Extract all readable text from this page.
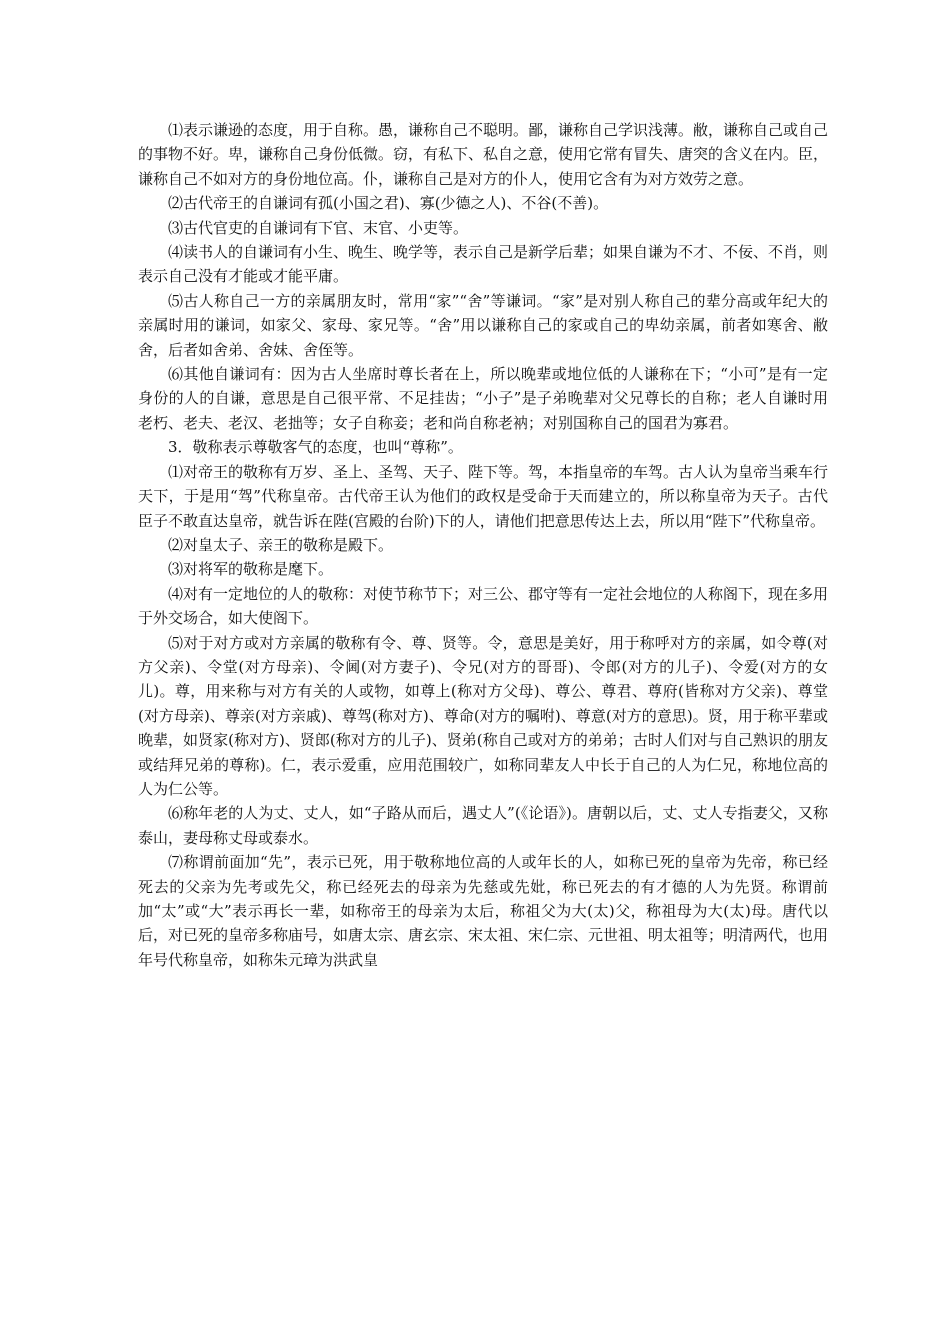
⑴表示谦逊的态度，用于自称。愚，谦称自己不聪明。鄙，谦称自己学识浅薄。敝，谦称自己或自己的事物不好。卑，谦称自己身份低微。窃，有私下、私自之意，使用它常有冒失、唐突的含义在内。臣，谦称自己不如对方的身份地位高。仆，谦称自己是对方的仆人，使用它含有为对方效劳之意。

⑵古代帝王的自谦词有孤(小国之君)、寡(少德之人)、不谷(不善)。

⑶古代官吏的自谦词有下官、末官、小吏等。

⑷读书人的自谦词有小生、晚生、晚学等，表示自己是新学后辈；如果自谦为不才、不佞、不肖，则表示自己没有才能或才能平庸。

⑸古人称自己一方的亲属朋友时，常用“家”“舍”等谦词。“家”是对别人称自己的辈分高或年纪大的亲属时用的谦词，如家父、家母、家兄等。“舍”用以谦称自己的家或自己的卑幼亲属，前者如寒舍、敝舍，后者如舍弟、舍妹、舍侄等。

⑹其他自谦词有：因为古人坐席时尊长者在上，所以晚辈或地位低的人谦称在下；“小可”是有一定身份的人的自谦，意思是自己很平常、不足挂齿；“小子”是子弟晚辈对父兄尊长的自称；老人自谦时用老朽、老夫、老汉、老拙等；女子自称妾；老和尚自称老衲；对别国称自己的国君为寡君。

3．敬称表示尊敬客气的态度，也叫“尊称”。

⑴对帝王的敬称有万岁、圣上、圣驾、天子、陛下等。驾，本指皇帝的车驾。古人认为皇帝当乘车行天下，于是用“驾”代称皇帝。古代帝王认为他们的政权是受命于天而建立的，所以称皇帝为天子。古代臣子不敢直达皇帝，就告诉在陛(宫殿的台阶)下的人，请他们把意思传达上去，所以用“陛下”代称皇帝。

⑵对皇太子、亲王的敬称是殿下。

⑶对将军的敬称是麾下。

⑷对有一定地位的人的敬称：对使节称节下；对三公、郡守等有一定社会地位的人称阁下，现在多用于外交场合，如大使阁下。

⑸对于对方或对方亲属的敬称有令、尊、贤等。令，意思是美好，用于称呼对方的亲属，如令尊(对方父亲)、令堂(对方母亲)、令阃(对方妻子)、令兄(对方的哥哥)、令郎(对方的儿子)、令爱(对方的女儿)。尊，用来称与对方有关的人或物，如尊上(称对方父母)、尊公、尊君、尊府(皆称对方父亲)、尊堂(对方母亲)、尊亲(对方亲戚)、尊驾(称对方)、尊命(对方的嘱咐)、尊意(对方的意思)。贤，用于称平辈或晚辈，如贤家(称对方)、贤郎(称对方的儿子)、贤弟(称自己或对方的弟弟；古时人们对与自己熟识的朋友或结拜兄弟的尊称)。仁，表示爱重，应用范围较广，如称同辈友人中长于自己的人为仁兄，称地位高的人为仁公等。

⑹称年老的人为丈、丈人，如“子路从而后，遇丈人”(《论语》)。唐朝以后，丈、丈人专指妻父，又称泰山，妻母称丈母或泰水。

⑺称谓前面加“先”，表示已死，用于敬称地位高的人或年长的人，如称已死的皇帝为先帝，称已经死去的父亲为先考或先父，称已经死去的母亲为先慈或先妣，称已死去的有才德的人为先贤。称谓前加“太”或“大”表示再长一辈，如称帝王的母亲为太后，称祖父为大(太)父，称祖母为大(太)母。唐代以后，对已死的皇帝多称庙号，如唐太宗、唐玄宗、宋太祖、宋仁宗、元世祖、明太祖等；明清两代，也用年号代称皇帝，如称朱元璋为洪武皇
